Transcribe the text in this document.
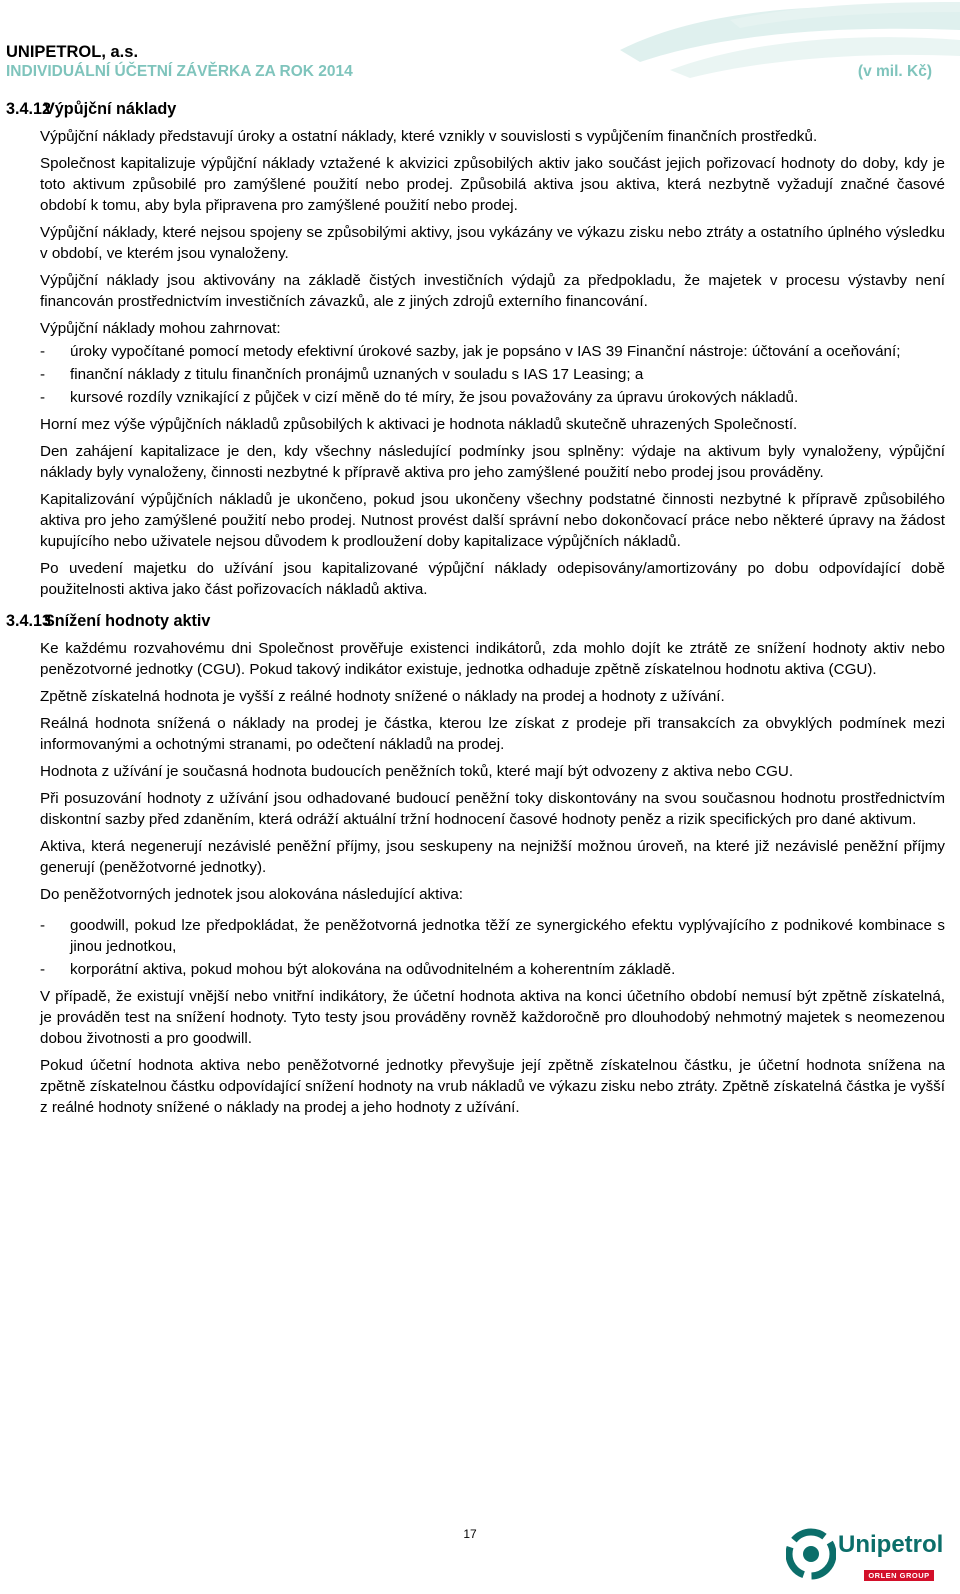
UNIPETROL, a.s.
INDIVIDUÁLNÍ ÚČETNÍ ZÁVĚRKA ZA ROK 2014	(v mil. Kč)
3.4.12
Výpůjční náklady

Výpůjční náklady představují úroky a ostatní náklady, které vznikly v souvislosti s vypůjčením finančních prostředků.

Společnost kapitalizuje výpůjční náklady vztažené k akvizici způsobilých aktiv jako součást jejich pořizovací hodnoty do doby, kdy je toto aktivum způsobilé pro zamýšlené použití nebo prodej. Způsobilá aktiva jsou aktiva, která nezbytně vyžadují značné časové období k tomu, aby byla připravena pro zamýšlené použití nebo prodej.

Výpůjční náklady, které nejsou spojeny se způsobilými aktivy, jsou vykázány ve výkazu zisku nebo ztráty a ostatního úplného výsledku v období, ve kterém jsou vynaloženy.

Výpůjční náklady jsou aktivovány na základě čistých investičních výdajů za předpokladu, že majetek v procesu výstavby není financován prostřednictvím investičních závazků, ale z jiných zdrojů externího financování.

Výpůjční náklady mohou zahrnovat:

-	úroky vypočítané pomocí metody efektivní úrokové sazby, jak je popsáno v IAS 39 Finanční nástroje: účtování a oceňování;
-	finanční náklady z titulu finančních pronájmů uznaných v souladu s IAS 17 Leasing; a
-	kursové rozdíly vznikající z půjček v cizí měně do té míry, že jsou považovány za úpravu úrokových nákladů.

Horní mez výše výpůjčních nákladů způsobilých k aktivaci je hodnota nákladů skutečně uhrazených Společností.

Den zahájení kapitalizace je den, kdy všechny následující podmínky jsou splněny: výdaje na aktivum byly vynaloženy, výpůjční náklady byly vynaloženy, činnosti nezbytné k přípravě aktiva pro jeho zamýšlené použití nebo prodej jsou prováděny.

Kapitalizování výpůjčních nákladů je ukončeno, pokud jsou ukončeny všechny podstatné činnosti nezbytné k přípravě způsobilého aktiva pro jeho zamýšlené použití nebo prodej. Nutnost provést další správní nebo dokončovací práce nebo některé úpravy na žádost kupujícího nebo uživatele nejsou důvodem k prodloužení doby kapitalizace výpůjčních nákladů.

Po uvedení majetku do užívání jsou kapitalizované výpůjční náklady odepisovány/amortizovány po dobu odpovídající době použitelnosti aktiva jako část pořizovacích nákladů aktiva.

3.4.13
Snížení hodnoty aktiv

Ke každému rozvahovému dni Společnost prověřuje existenci indikátorů, zda mohlo dojít ke ztrátě ze snížení hodnoty aktiv nebo penězotvorné jednotky (CGU). Pokud takový indikátor existuje, jednotka odhaduje zpětně získatelnou hodnotu aktiva (CGU).

Zpětně získatelná hodnota je vyšší z reálné hodnoty snížené o náklady na prodej a hodnoty z užívání.

Reálná hodnota snížená o náklady na prodej je částka, kterou lze získat z prodeje při transakcích za obvyklých podmínek mezi informovanými a ochotnými stranami, po odečtení nákladů na prodej.

Hodnota z užívání je současná hodnota budoucích peněžních toků, které mají být odvozeny z aktiva nebo CGU.

Při posuzování hodnoty z užívání jsou odhadované budoucí peněžní toky diskontovány na svou současnou hodnotu prostřednictvím diskontní sazby před zdaněním, která odráží aktuální tržní hodnocení časové hodnoty peněz a rizik specifických pro dané aktivum.

Aktiva, která negenerují nezávislé peněžní příjmy, jsou seskupeny na nejnižší možnou úroveň, na které již nezávislé peněžní příjmy generují (peněžotvorné jednotky).

Do peněžotvorných jednotek jsou alokována následující aktiva:

-	goodwill, pokud lze předpokládat, že peněžotvorná jednotka těží ze synergického efektu vyplývajícího z podnikové kombinace s jinou jednotkou,
-	korporátní aktiva, pokud mohou být alokována na odůvodnitelném a koherentním základě.

V případě, že existují vnější nebo vnitřní indikátory, že účetní hodnota aktiva na konci účetního období nemusí být zpětně získatelná, je prováděn test na snížení hodnoty. Tyto testy jsou prováděny rovněž každoročně pro dlouhodobý nehmotný majetek s neomezenou dobou životnosti a pro goodwill.

Pokud účetní hodnota aktiva nebo peněžotvorné jednotky převyšuje její zpětně získatelnou částku, je účetní hodnota snížena na zpětně získatelnou částku odpovídající snížení hodnoty na vrub nákladů ve výkazu zisku nebo ztráty. Zpětně získatelná částka je vyšší z reálné hodnoty snížené o náklady na prodej a jeho hodnoty z užívání.

17	Unipetrol
ORLEN GROUP
